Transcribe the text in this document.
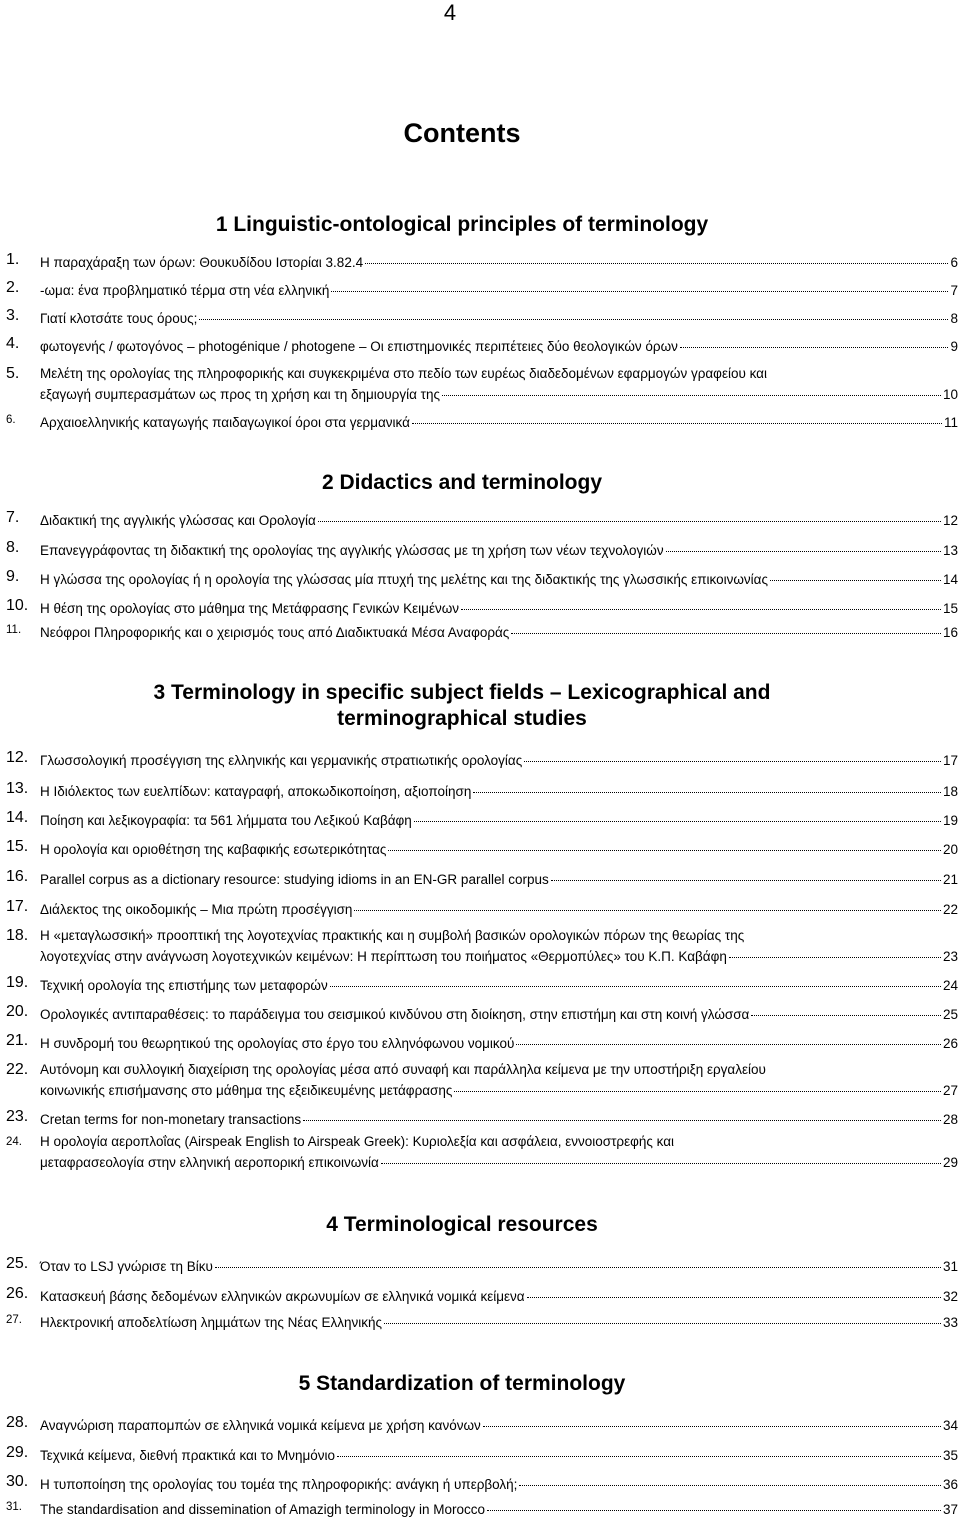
4
Contents
1 Linguistic-ontological principles of terminology
2 Didactics and terminology
3 Terminology in specific subject fields – Lexicographical and
terminographical studies
4 Terminological resources
5 Standardization of terminology
1. Η παραχάραξη των όρων: Θουκυδίδου Ιστορίαι 3.82.4	6
2. -ωμα: ένα προβληματικό τέρμα στη νέα ελληνική	7
3. Γιατί κλοτσάτε τους όρους;	8
4. φωτογενής / φωτογόνος – photogénique / photogene – Οι επιστημονικές περιπέτειες δύο θεολογικών όρων	9
5. Μελέτη της ορολογίας της πληροφορικής και συγκεκριμένα στο πεδίο των ευρέως διαδεδομένων εφαρμογών γραφείου και
εξαγωγή συμπερασμάτων ως προς τη χρήση και τη δημιουργία της	10
6. Αρχαιοελληνικής καταγωγής παιδαγωγικοί όροι στα γερμανικά	11
7. Διδακτική της αγγλικής γλώσσας και Ορολογία	12
8. Επανεγγράφοντας τη διδακτική της ορολογίας της αγγλικής γλώσσας με τη χρήση των νέων τεχνολογιών	13
9. Η γλώσσα της ορολογίας ή η ορολογία της γλώσσας μία πτυχή της μελέτης και της διδακτικής της γλωσσικής επικοινωνίας	14
10. Η θέση της ορολογίας στο μάθημα της Μετάφρασης Γενικών Κειμένων	15
11. Νεόφροι Πληροφορικής και ο χειρισμός τους από Διαδικτυακά Μέσα Αναφοράς	16
12. Γλωσσολογική προσέγγιση της ελληνικής και γερμανικής στρατιωτικής ορολογίας	17
13. Η Ιδιόλεκτος των ευελπίδων: καταγραφή, αποκωδικοποίηση, αξιοποίηση	18
14. Ποίηση και λεξικογραφία: τα 561 λήμματα του Λεξικού Καβάφη	19
15. Η ορολογία και οριοθέτηση της καβαφικής εσωτερικότητας	20
16. Parallel corpus as a dictionary resource: studying idioms in an EN-GR parallel corpus	21
17. Διάλεκτος της οικοδομικής – Μια πρώτη προσέγγιση	22
18. Η «μεταγλωσσική» προοπτική της λογοτεχνίας πρακτικής και η συμβολή βασικών ορολογικών πόρων της θεωρίας της
λογοτεχνίας στην ανάγνωση λογοτεχνικών κειμένων: Η περίπτωση του ποιήματος «Θερμοπύλες» του Κ.Π. Καβάφη	23
19. Τεχνική ορολογία της επιστήμης των μεταφορών	24
20. Ορολογικές αντιπαραθέσεις: το παράδειγμα του σεισμικού κινδύνου στη διοίκηση, στην επιστήμη και στη κοινή γλώσσα	25
21. Η συνδρομή του θεωρητικού της ορολογίας στο έργο του ελληνόφωνου νομικού	26
22. Αυτόνομη και συλλογική διαχείριση της ορολογίας μέσα από συναφή και παράλληλα κείμενα με την υποστήριξη εργαλείου
κοινωνικής επισήμανσης στο μάθημα της εξειδικευμένης μετάφρασης	27
23. Cretan terms for non-monetary transactions	28
24. Η ορολογία αεροπλοΐας (Airspeak English to Airspeak Greek): Κυριολεξία και ασφάλεια, εννοιοστρεφής και
μεταφρασεολογία στην ελληνική αεροπορική επικοινωνία	29
25. Όταν το LSJ γνώρισε τη Βίκυ	31
26. Κατασκευή βάσης δεδομένων ελληνικών ακρωνυμίων σε ελληνικά νομικά κείμενα	32
27. Ηλεκτρονική αποδελτίωση ληµµάτων της Νέας Ελληνικής	33
28. Αναγνώριση παραπομπών σε ελληνικά νομικά κείμενα με χρήση κανόνων	34
29. Τεχνικά κείμενα, διεθνή πρακτικά και το Μνημόνιο	35
30. Η τυποποίηση της ορολογίας του τομέα της πληροφορικής: ανάγκη ή υπερβολή;	36
31. The standardisation and dissemination of Amazigh terminology in Morocco	37
